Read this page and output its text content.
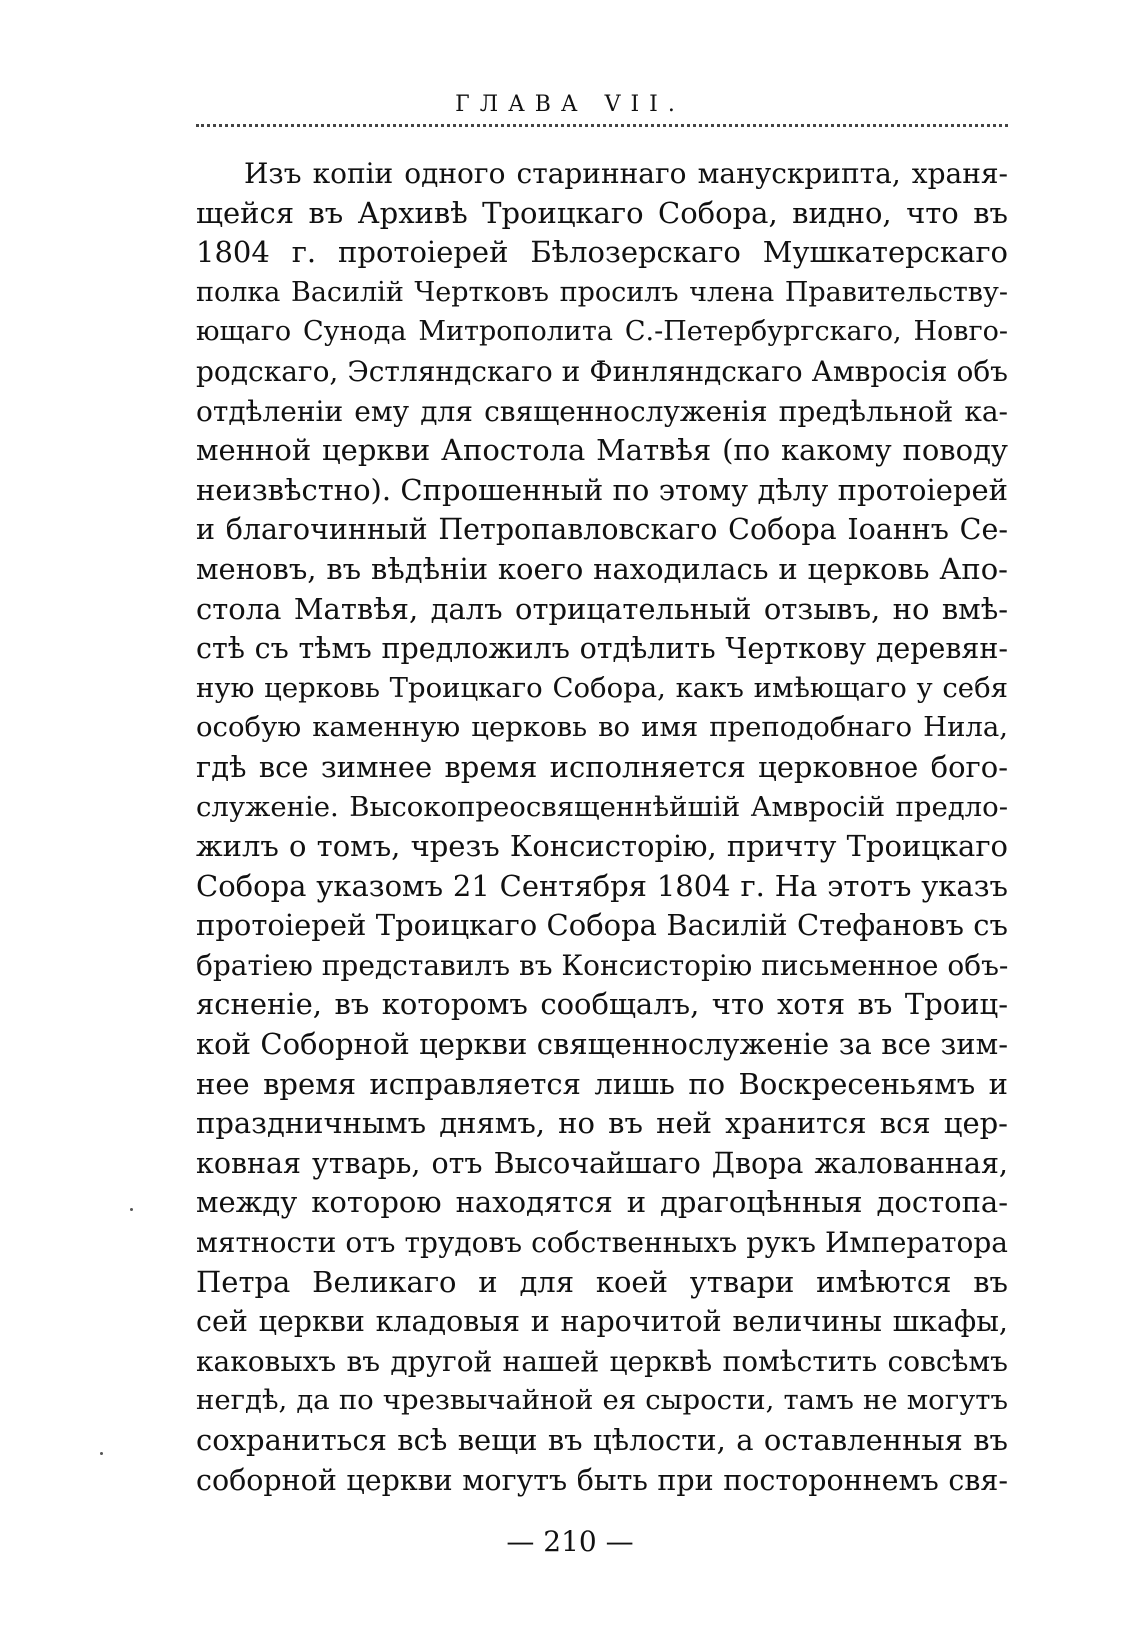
ГЛАВА VII.
Изъ копіи одного стариннаго манускрипта, храня-
щейся въ Архивѣ Троицкаго Собора, видно, что въ
1804 г. протоіерей Бѣлозерскаго Мушкатерскаго
полка Василій Чертковъ просилъ члена Правительству-
ющаго Сунода Митрополита С.-Петербургскаго, Новго-
родскаго, Эстляндскаго и Финляндскаго Амвросія объ
отдѣленіи ему для священнослуженія предѣльной ка-
менной церкви Апостола Матвѣя (по какому поводу
неизвѣстно). Спрошенный по этому дѣлу протоіерей
и благочинный Петропавловскаго Собора Іоаннъ Се-
меновъ, въ вѣдѣніи коего находилась и церковь Апо-
стола Матвѣя, далъ отрицательный отзывъ, но вмѣ-
стѣ съ тѣмъ предложилъ отдѣлить Черткову деревян-
ную церковь Троицкаго Собора, какъ имѣющаго у себя
особую каменную церковь во имя преподобнаго Нила,
гдѣ все зимнее время исполняется церковное бого-
служеніе. Высокопреосвященнѣйшій Амвросій предло-
жилъ о томъ, чрезъ Консисторію, причту Троицкаго
Собора указомъ 21 Сентября 1804 г. На этотъ указъ
протоіерей Троицкаго Собора Василій Стефановъ съ
братіею представилъ въ Консисторію письменное объ-
ясненіе, въ которомъ сообщалъ, что хотя въ Троиц-
кой Соборной церкви священнослуженіе за все зим-
нее время исправляется лишь по Воскресеньямъ и
праздничнымъ днямъ, но въ ней хранится вся цер-
ковная утварь, отъ Высочайшаго Двора жалованная,
между которою находятся и драгоцѣнныя достопа-
мятности отъ трудовъ собственныхъ рукъ Императора
Петра Великаго и для коей утвари имѣются въ
сей церкви кладовыя и нарочитой величины шкафы,
каковыхъ въ другой нашей церквѣ помѣстить совсѣмъ
негдѣ, да по чрезвычайной ея сырости, тамъ не могутъ
сохраниться всѣ вещи въ цѣлости, а оставленныя въ
соборной церкви могутъ быть при постороннемъ свя-
— 210 —
